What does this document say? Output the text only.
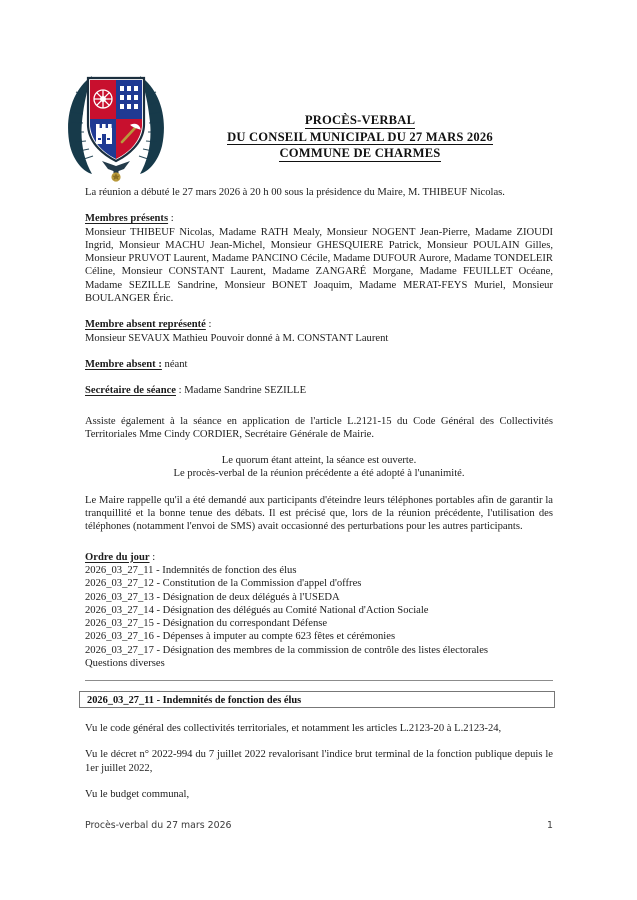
PROCÈS-VERBAL
DU CONSEIL MUNICIPAL DU 27 MARS 2026
COMMUNE DE CHARMES

La réunion a débuté le 27 mars 2026 à 20 h 00 sous la présidence du Maire, M. THIBEUF Nicolas.

Membres présents :

Monsieur THIBEUF Nicolas, Madame RATH Mealy, Monsieur NOGENT Jean-Pierre, Madame ZIOUDI Ingrid, Monsieur MACHU Jean-Michel, Monsieur GHESQUIERE Patrick, Monsieur POULAIN Gilles, Monsieur PRUVOT Laurent, Madame PANCINO Cécile, Madame DUFOUR Aurore, Madame TONDELEIR Céline, Monsieur CONSTANT Laurent, Madame ZANGARÉ Morgane, Madame FEUILLET Océane, Madame SEZILLE Sandrine, Monsieur BONET Joaquim, Madame MERAT-FEYS Muriel, Monsieur BOULANGER Éric.

Membre absent représenté :

Monsieur SEVAUX Mathieu Pouvoir donné à M. CONSTANT Laurent

Membre absent : néant

Secrétaire de séance : Madame Sandrine SEZILLE

Assiste également à la séance en application de l'article L.2121-15 du Code Général des Collectivités Territoriales Mme Cindy CORDIER, Secrétaire Générale de Mairie.

Le quorum étant atteint, la séance est ouverte.

Le procès-verbal de la réunion précédente a été adopté à l'unanimité.

Le Maire rappelle qu'il a été demandé aux participants d'éteindre leurs téléphones portables afin de garantir la tranquillité et la bonne tenue des débats. Il est précisé que, lors de la réunion précédente, l'utilisation des téléphones (notamment l'envoi de SMS) avait occasionné des perturbations pour les autres participants.

Ordre du jour :

2026_03_27_11 - Indemnités de fonction des élus

2026_03_27_12 - Constitution de la Commission d'appel d'offres

2026_03_27_13 - Désignation de deux délégués à l'USEDA

2026_03_27_14 - Désignation des délégués au Comité National d'Action Sociale

2026_03_27_15 - Désignation du correspondant Défense

2026_03_27_16 - Dépenses à imputer au compte 623 fêtes et cérémonies

2026_03_27_17 - Désignation des membres de la commission de contrôle des listes électorales

Questions diverses

2026_03_27_11 - Indemnités de fonction des élus

Vu le code général des collectivités territoriales, et notamment les articles L.2123-20 à L.2123-24,

Vu le décret n° 2022-994 du 7 juillet 2022 revalorisant l'indice brut terminal de la fonction publique depuis le 1er juillet 2022,

Vu le budget communal,

Procès-verbal du 27 mars 2026	1
